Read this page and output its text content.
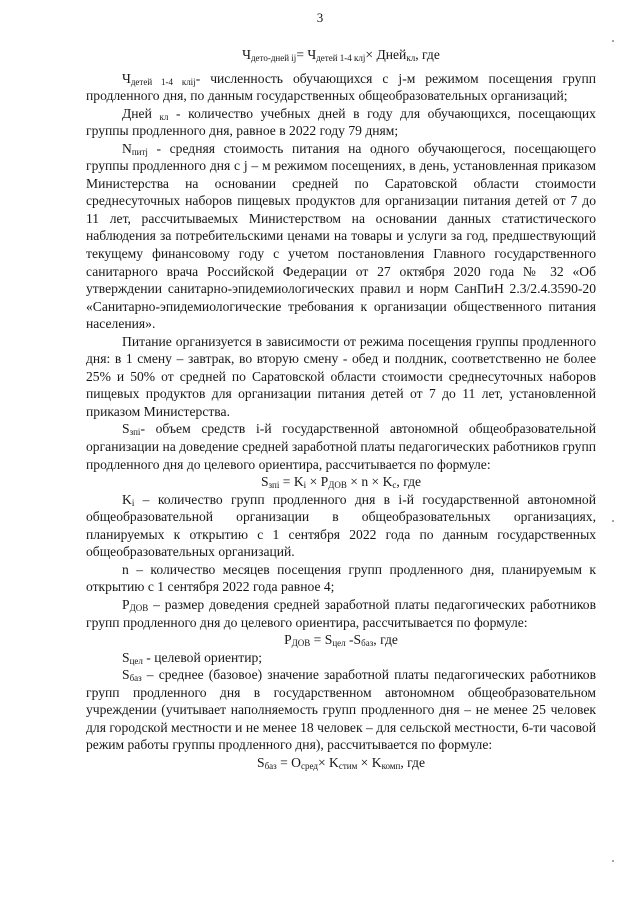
3

$Ч_{дето-дней ij}= Ч_{детей 1-4 клj}\times$ Дней$_{кл}$, где

$Ч_{детей 1-4 клij}-$ численность обучающихся с j-м режимом посещения групп продленного дня, по данным государственных общеобразовательных организаций;

Дней $_{кл}$ - количество учебных дней в году для обучающихся, посещающих группы продленного дня, равное в 2022 году 79 дням;

$N_{питj}$ - средняя стоимость питания на одного обучающегося, посещающего группы продленного дня с j – м режимом посещениях, в день, установленная приказом Министерства на основании средней по Саратовской области стоимости среднесуточных наборов пищевых продуктов для организации питания детей от 7 до 11 лет, рассчитываемых Министерством на основании данных статистического наблюдения за потребительскими ценами на товары и услуги за год, предшествующий текущему финансовому году с учетом постановления Главного государственного санитарного врача Российской Федерации от 27 октября 2020 года № 32 «Об утверждении санитарно-эпидемиологических правил и норм СанПиН 2.3/2.4.3590-20 «Санитарно-эпидемиологические требования к организации общественного питания населения».

Питание организуется в зависимости от режима посещения группы продленного дня: в 1 смену – завтрак, во вторую смену - обед и полдник, соответственно не более 25% и 50% от средней по Саратовской области стоимости среднесуточных наборов пищевых продуктов для организации питания детей от 7 до 11 лет, установленной приказом Министерства.

$S_{зпi}-$ объем средств i-й государственной автономной общеобразовательной организации на доведение средней заработной платы педагогических работников групп продленного дня до целевого ориентира, рассчитывается по формуле:

$S_{зпi} = K_i \times P_{ДОВ} \times n \times K_c$, где

$K_i$ – количество групп продленного дня в i-й государственной автономной общеобразовательной организации в общеобразовательных организациях, планируемых к открытию с 1 сентября 2022 года по данным государственных общеобразовательных организаций.

n – количество месяцев посещения групп продленного дня, планируемым к открытию с 1 сентября 2022 года равное 4;

$P_{ДОВ}$ – размер доведения средней заработной платы педагогических работников групп продленного дня до целевого ориентира, рассчитывается по формуле:

$P_{ДОВ} = S_{цел}$ $-S_{баз}$, где

$S_{цел}$ - целевой ориентир;

$S_{баз}$ – среднее (базовое) значение заработной платы педагогических работников групп продленного дня в государственном автономном общеобразовательном учреждении (учитывает наполняемость групп продленного дня – не менее 25 человек для городской местности и не менее 18 человек – для сельской местности, 6-ти часовой режим работы группы продленного дня), рассчитывается по формуле:

$S_{баз} = O_{сред}\times K_{стим} \times K_{комп}$, где
